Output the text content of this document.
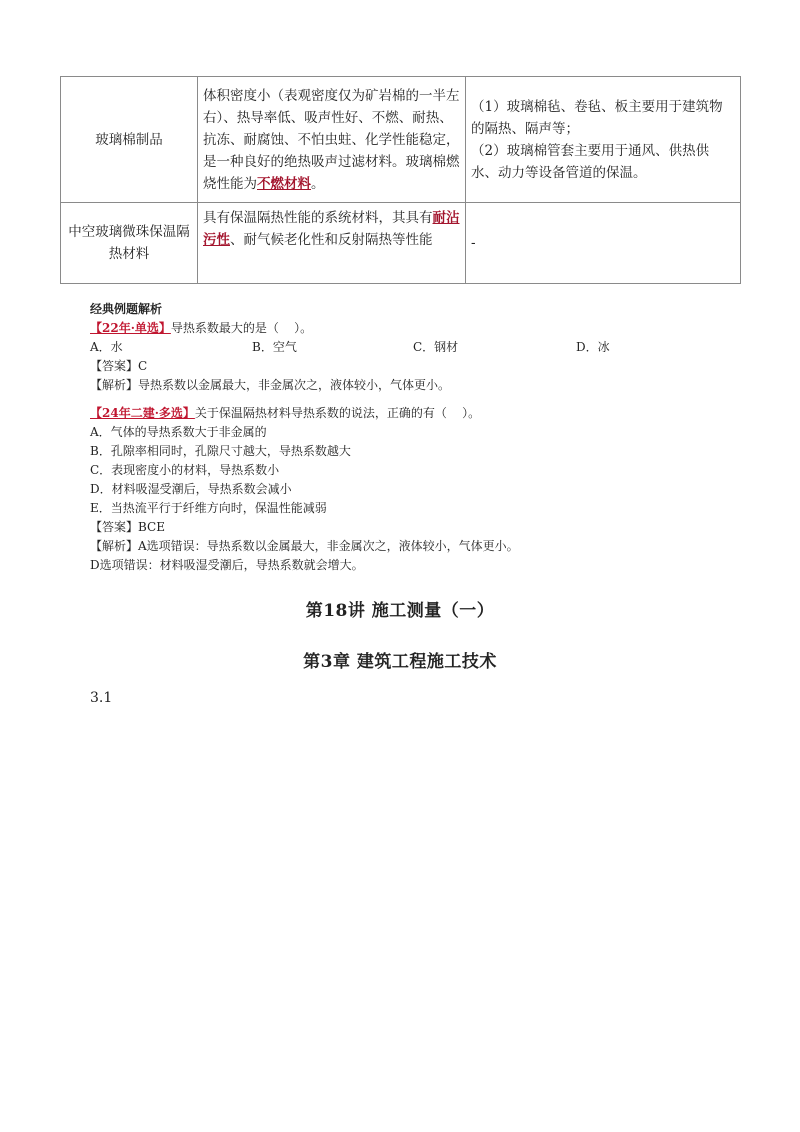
玻璃棉制品	体积密度小（表观密度仅为矿岩棉的一半左右）、热导率低、吸声性好、不燃、耐热、抗冻、耐腐蚀、不怕虫蛀、化学性能稳定，是一种良好的绝热吸声过滤材料。玻璃棉燃烧性能为不燃材料。	（1）玻璃棉毡、卷毡、板主要用于建筑物的隔热、隔声等；
（2）玻璃棉管套主要用于通风、供热供水、动力等设备管道的保温。

中空玻璃微珠保温隔热材料	具有保温隔热性能的系统材料，其具有耐沾污性、耐气候老化性和反射隔热等性能	-

经典例题解析

【22年·单选】导热系数最大的是（    ）。

A．水	B．空气	C．钢材	D．冰

【答案】C

【解析】导热系数以金属最大，非金属次之，液体较小，气体更小。

【24年二建·多选】关于保温隔热材料导热系数的说法，正确的有（    ）。

A．气体的导热系数大于非金属的

B．孔隙率相同时，孔隙尺寸越大，导热系数越大

C．表现密度小的材料，导热系数小

D．材料吸湿受潮后，导热系数会减小

E．当热流平行于纤维方向时，保温性能减弱

【答案】BCE

【解析】A选项错误：导热系数以金属最大，非金属次之，液体较小，气体更小。

D选项错误：材料吸湿受潮后，导热系数就会增大。

第18讲 施工测量（一）
第3章 建筑工程施工技术
3.1
